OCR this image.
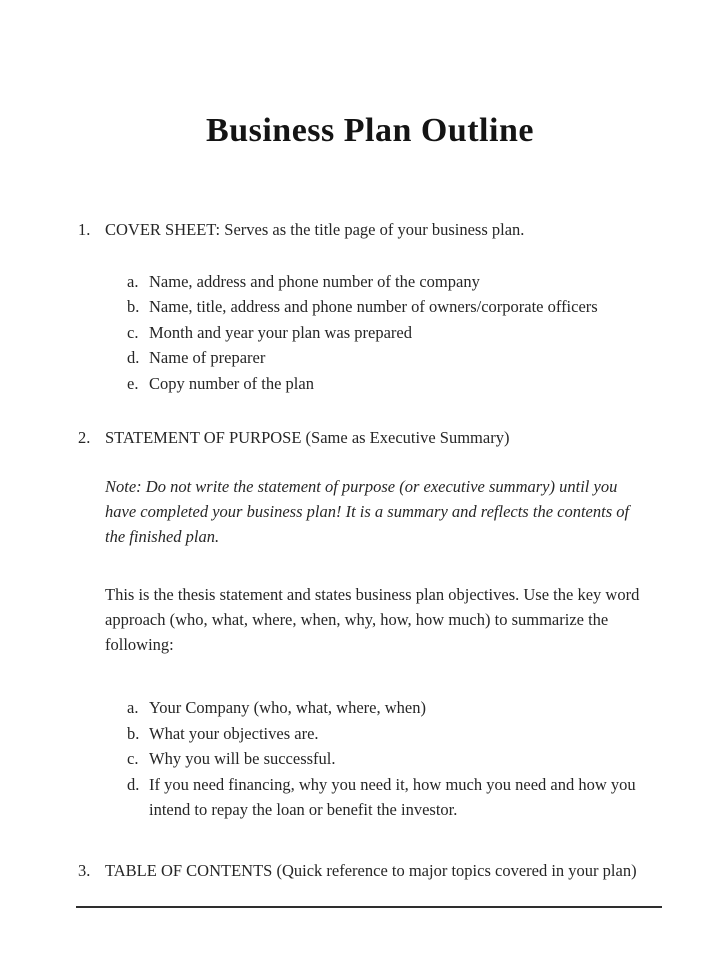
Business Plan Outline
1. COVER SHEET: Serves as the title page of your business plan.
a. Name, address and phone number of the company
b. Name, title, address and phone number of owners/corporate officers
c. Month and year your plan was prepared
d. Name of preparer
e. Copy number of the plan
2. STATEMENT OF PURPOSE (Same as Executive Summary)

Note: Do not write the statement of purpose (or executive summary) until you have completed your business plan! It is a summary and reflects the contents of the finished plan.

This is the thesis statement and states business plan objectives. Use the key word approach (who, what, where, when, why, how, how much) to summarize the following:

a. Your Company (who, what, where, when)
b. What your objectives are.
c. Why you will be successful.
d. If you need financing, why you need it, how much you need and how you intend to repay the loan or benefit the investor.
3. TABLE OF CONTENTS (Quick reference to major topics covered in your plan)
